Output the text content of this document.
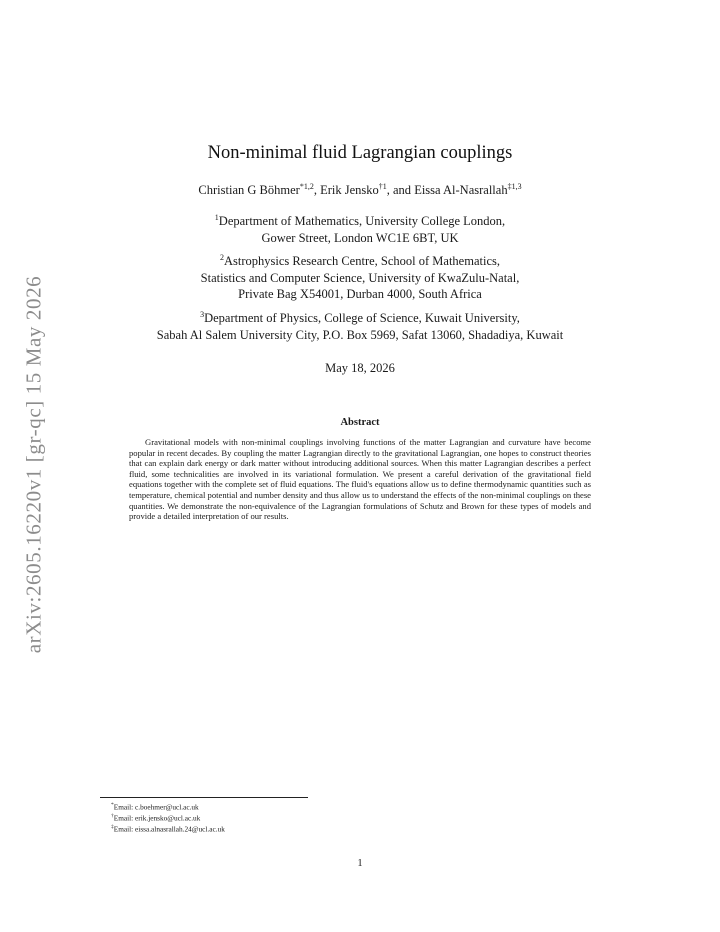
arXiv:2605.16220v1 [gr-qc] 15 May 2026
Non-minimal fluid Lagrangian couplings
Christian G Böhmer$^{*1,2}$, Erik Jensko$^{\dagger 1}$, and Eissa Al-Nasrallah$^{\ddagger 1,3}$
$^1$Department of Mathematics, University College London,
Gower Street, London WC1E 6BT, UK
$^2$Astrophysics Research Centre, School of Mathematics,
Statistics and Computer Science, University of KwaZulu-Natal,
Private Bag X54001, Durban 4000, South Africa
$^3$Department of Physics, College of Science, Kuwait University,
Sabah Al Salem University City, P.O. Box 5969, Safat 13060, Shadadiya, Kuwait
May 18, 2026
Abstract

Gravitational models with non-minimal couplings involving functions of the matter Lagrangian and curvature have become popular in recent decades. By coupling the matter Lagrangian directly to the gravitational Lagrangian, one hopes to construct theories that can explain dark energy or dark matter without introducing additional sources. When this matter Lagrangian describes a perfect fluid, some technicalities are involved in its variational formulation. We present a careful derivation of the gravitational field equations together with the complete set of fluid equations. The fluid's equations allow us to define thermodynamic quantities such as temperature, chemical potential and number density and thus allow us to understand the effects of the non-minimal couplings on these quantities. We demonstrate the non-equivalence of the Lagrangian formulations of Schutz and Brown for these types of models and provide a detailed interpretation of our results.

*Email: c.boehmer@ucl.ac.uk
†Email: erik.jensko@ucl.ac.uk
‡Email: eissa.alnasrallah.24@ucl.ac.uk
1
